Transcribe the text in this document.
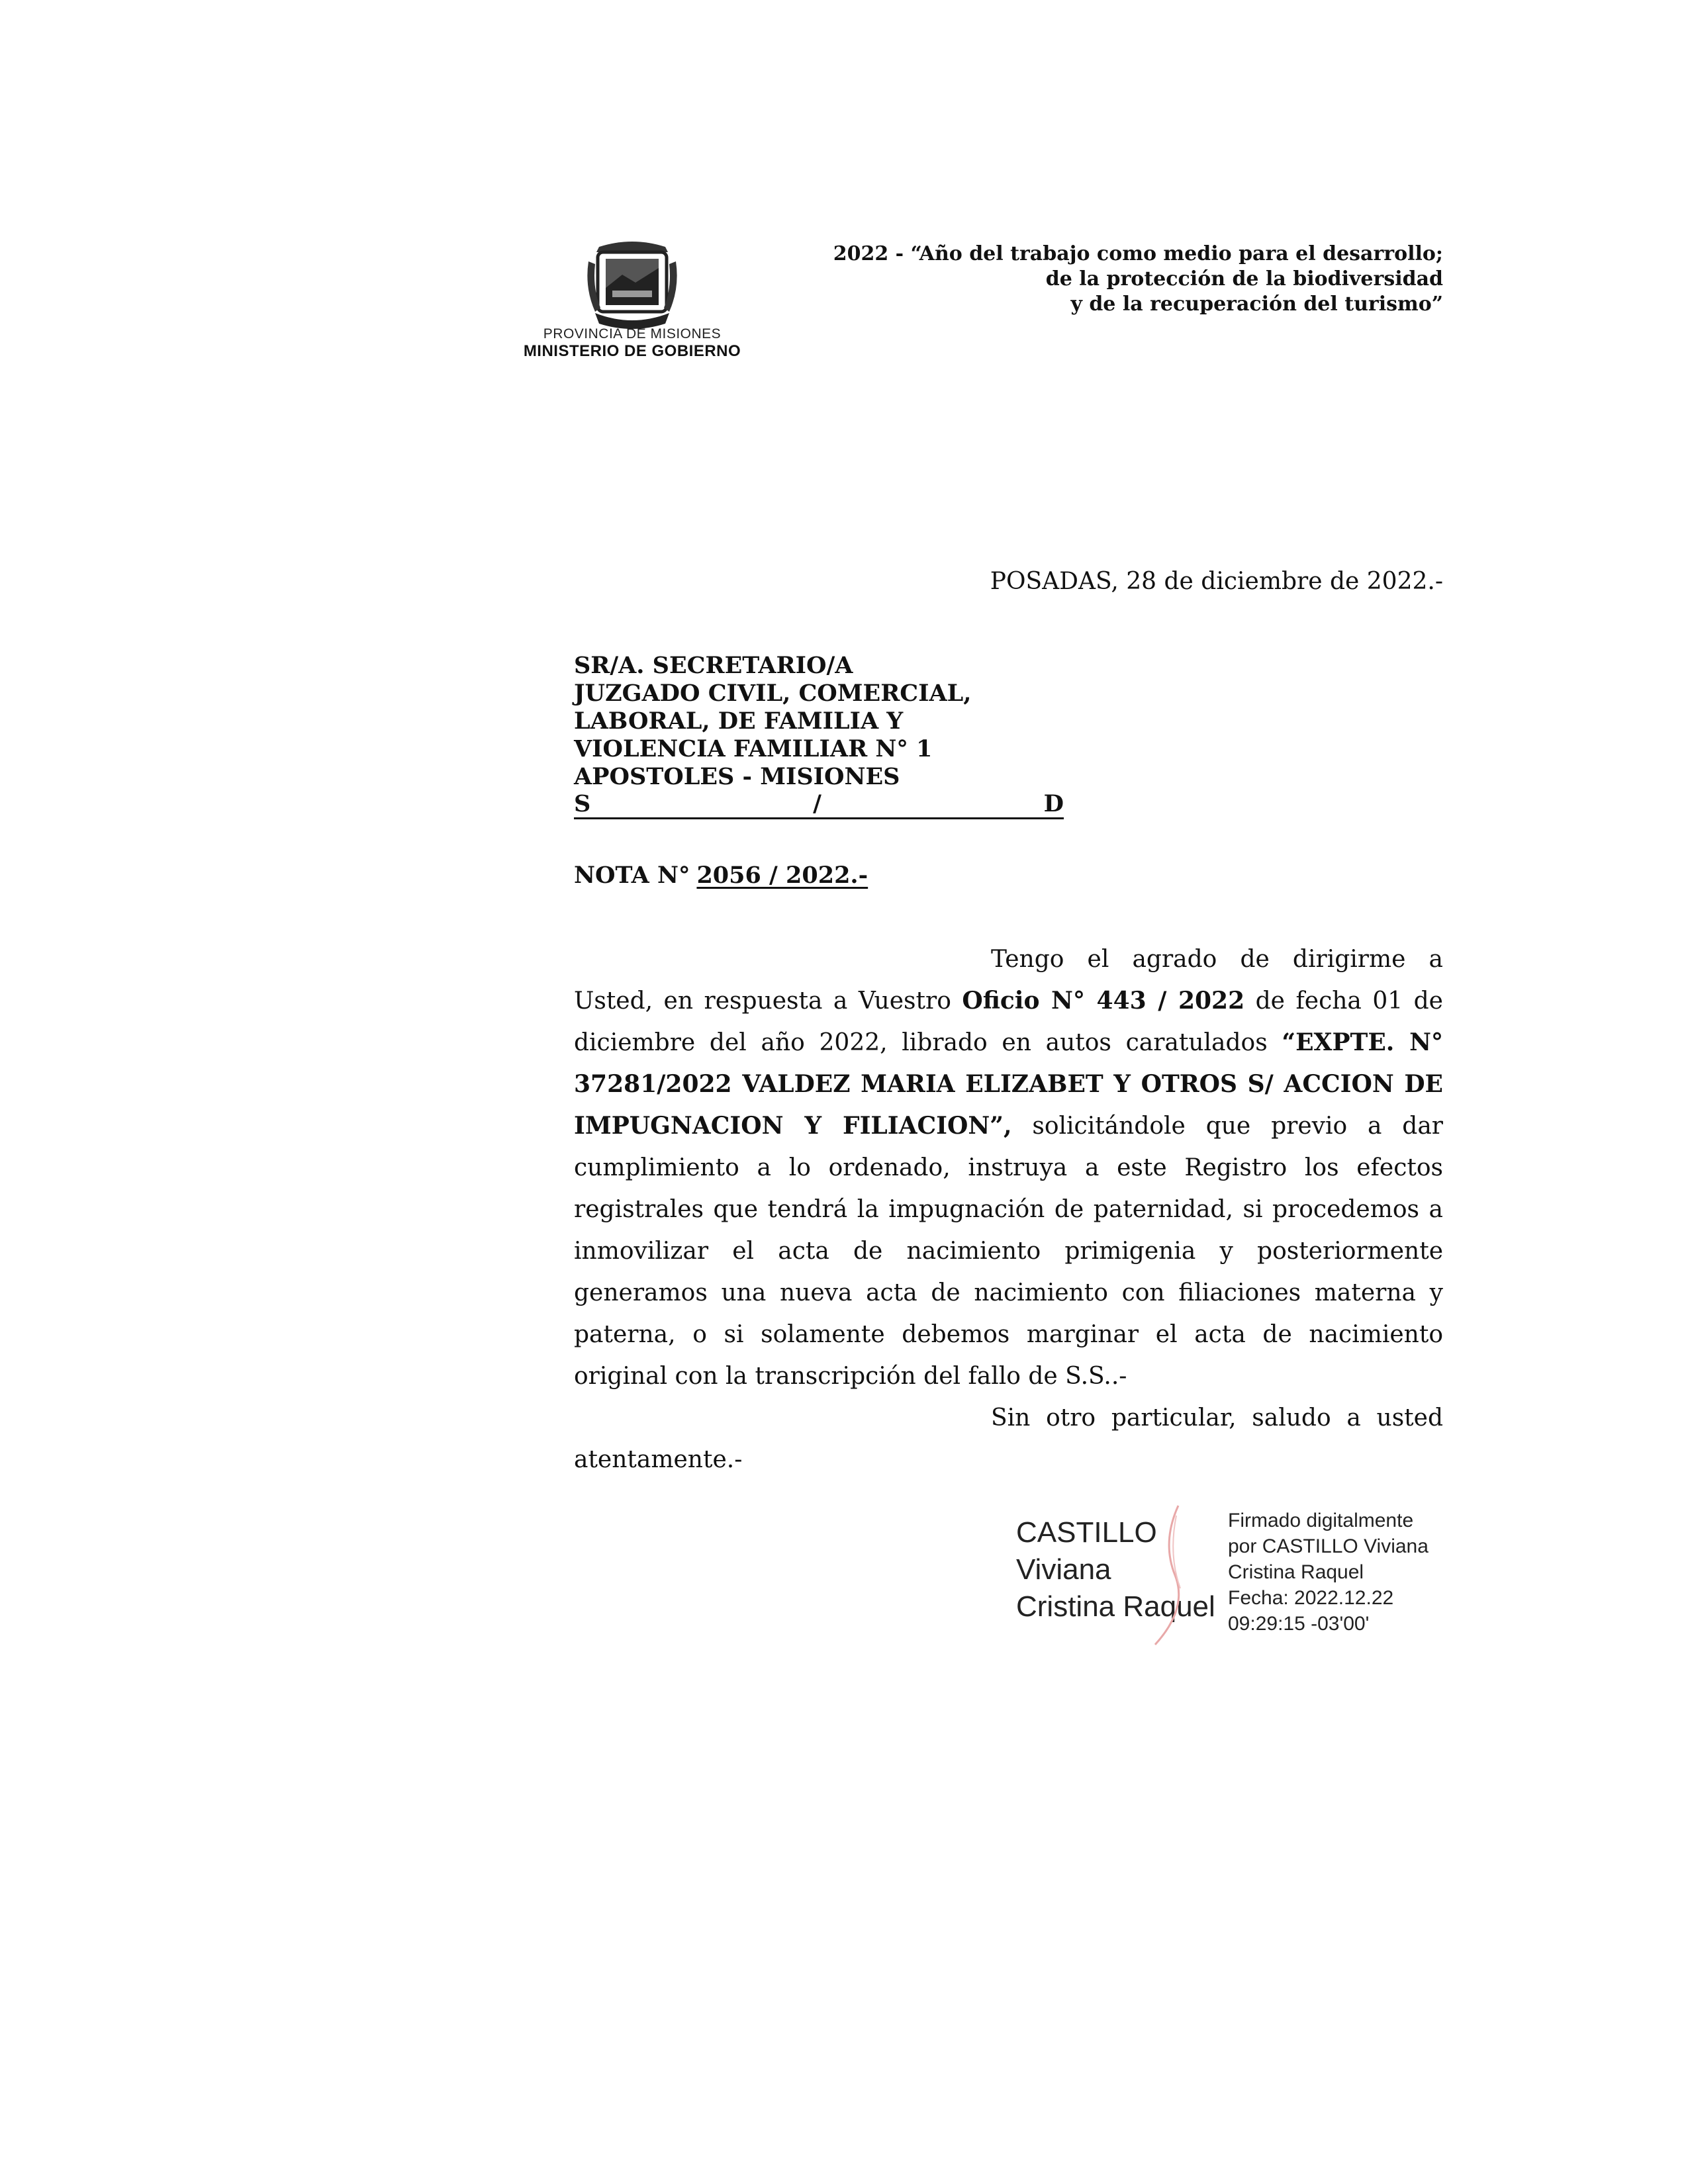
PROVINCIA DE MISIONES
MINISTERIO DE GOBIERNO
2022 - “Año del trabajo como medio para el desarrollo;
de la protección de la biodiversidad
y de la recuperación del turismo”
POSADAS, 28 de diciembre de 2022.-
SR/A. SECRETARIO/A
JUZGADO CIVIL, COMERCIAL,
LABORAL, DE FAMILIA Y
VIOLENCIA FAMILIAR N° 1
APOSTOLES - MISIONES
S	/	D
NOTA N° 2056 / 2022.-

Tengo el agrado de dirigirme a Usted, en respuesta a Vuestro Oficio N° 443 / 2022 de fecha 01 de diciembre del año 2022, librado en autos caratulados “EXPTE. N° 37281/2022 VALDEZ MARIA ELIZABET Y OTROS S/ ACCION DE IMPUGNACION Y FILIACION”, solicitándole que previo a dar cumplimiento a lo ordenado, instruya a este Registro los efectos registrales que tendrá la impugnación de paternidad, si procedemos a inmovilizar el acta de nacimiento primigenia y posteriormente generamos una nueva acta de nacimiento con filiaciones materna y paterna, o si solamente debemos marginar el acta de nacimiento original con la transcripción del fallo de S.S..-

Sin otro particular, saludo a usted atentamente.-

CASTILLO
Viviana
Cristina Raquel
Firmado digitalmente
por CASTILLO Viviana
Cristina Raquel
Fecha: 2022.12.22
09:29:15 -03'00'
